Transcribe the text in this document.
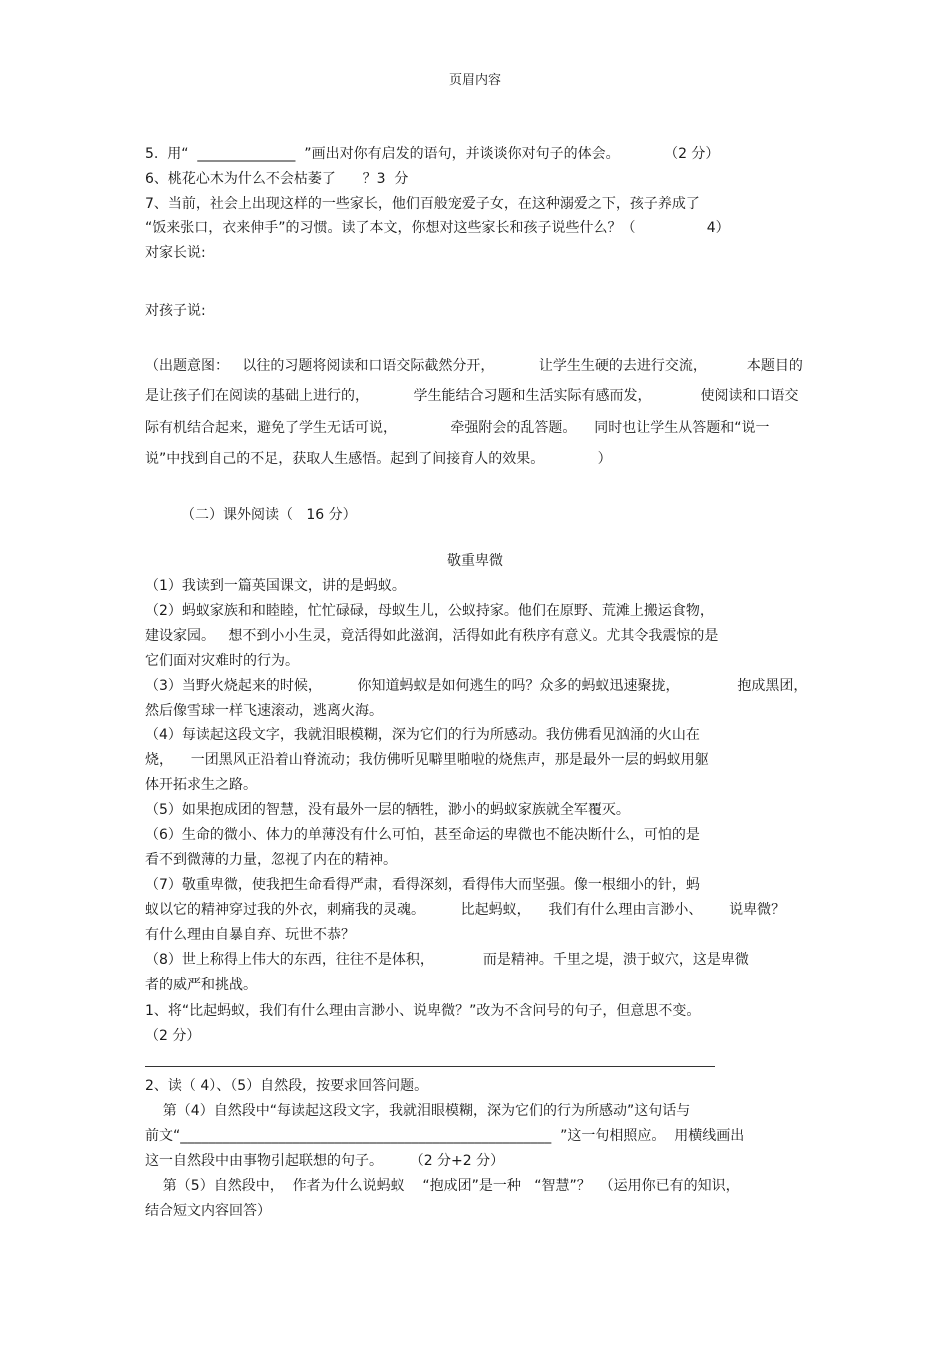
页眉内容

5.  用“  ______________  ”画出对你有启发的语句，并谈谈你对句子的体会。          （2 分）

6、桃花心木为什么不会枯萎了      ？3  分

7、当前，社会上出现这样的一些家长，他们百般宠爱子女，在这种溺爱之下，孩子养成了

“饭来张口，衣来伸手”的习惯。读了本文，你想对这些家长和孩子说些什么？（                4）

对家长说:

对孩子说:

（出题意图：   以往的习题将阅读和口语交际截然分开，          让学生生硬的去进行交流，         本题目的

是让孩子们在阅读的基础上进行的，          学生能结合习题和生活实际有感而发，           使阅读和口语交

际有机结合起来，避免了学生无话可说，            牵强附会的乱答题。    同时也让学生从答题和“说一

说”中找到自己的不足，获取人生感悟。起到了间接育人的效果。            ）

（二）课外阅读（   16 分）

敬重卑微

（1）我读到一篇英国课文，讲的是蚂蚁。

（2）蚂蚁家族和和睦睦，忙忙碌碌，母蚁生儿，公蚁持家。他们在原野、荒滩上搬运食物，

建设家园。   想不到小小生灵，竟活得如此滋润，活得如此有秩序有意义。尤其令我震惊的是

它们面对灾难时的行为。

（3）当野火烧起来的时候，        你知道蚂蚁是如何逃生的吗？众多的蚂蚁迅速聚拢，             抱成黑团，

然后像雪球一样飞速滚动，逃离火海。

（4）每读起这段文字，我就泪眼模糊，深为它们的行为所感动。我仿佛看见汹涌的火山在

烧，    一团黑风正沿着山脊流动；我仿佛听见噼里啪啦的烧焦声，那是最外一层的蚂蚁用躯

体开拓求生之路。

（5）如果抱成团的智慧，没有最外一层的牺牲，渺小的蚂蚁家族就全军覆灭。

（6）生命的微小、体力的单薄没有什么可怕，甚至命运的卑微也不能决断什么，可怕的是

看不到微薄的力量，忽视了内在的精神。

（7）敬重卑微，使我把生命看得严肃，看得深刻，看得伟大而坚强。像一根细小的针，蚂

蚁以它的精神穿过我的外衣，刺痛我的灵魂。        比起蚂蚁，    我们有什么理由言渺小、      说卑微？

有什么理由自暴自弃、玩世不恭？

（8）世上称得上伟大的东西，往往不是体积，           而是精神。千里之堤，溃于蚁穴，这是卑微

者的威严和挑战。

1、将“比起蚂蚁，我们有什么理由言渺小、说卑微？”改为不含问号的句子，但意思不变。

（2 分）

2、读（ 4）、（5）自然段，按要求回答问题。

第（4）自然段中“每读起这段文字，我就泪眼模糊，深为它们的行为所感动”这句话与

前文“_____________________________________________________  ”这一句相照应。  用横线画出

这一自然段中由事物引起联想的句子。      （2 分+2 分）

第（5）自然段中，  作者为什么说蚂蚁    “抱成团”是一种   “智慧”？  （运用你已有的知识，

结合短文内容回答）
